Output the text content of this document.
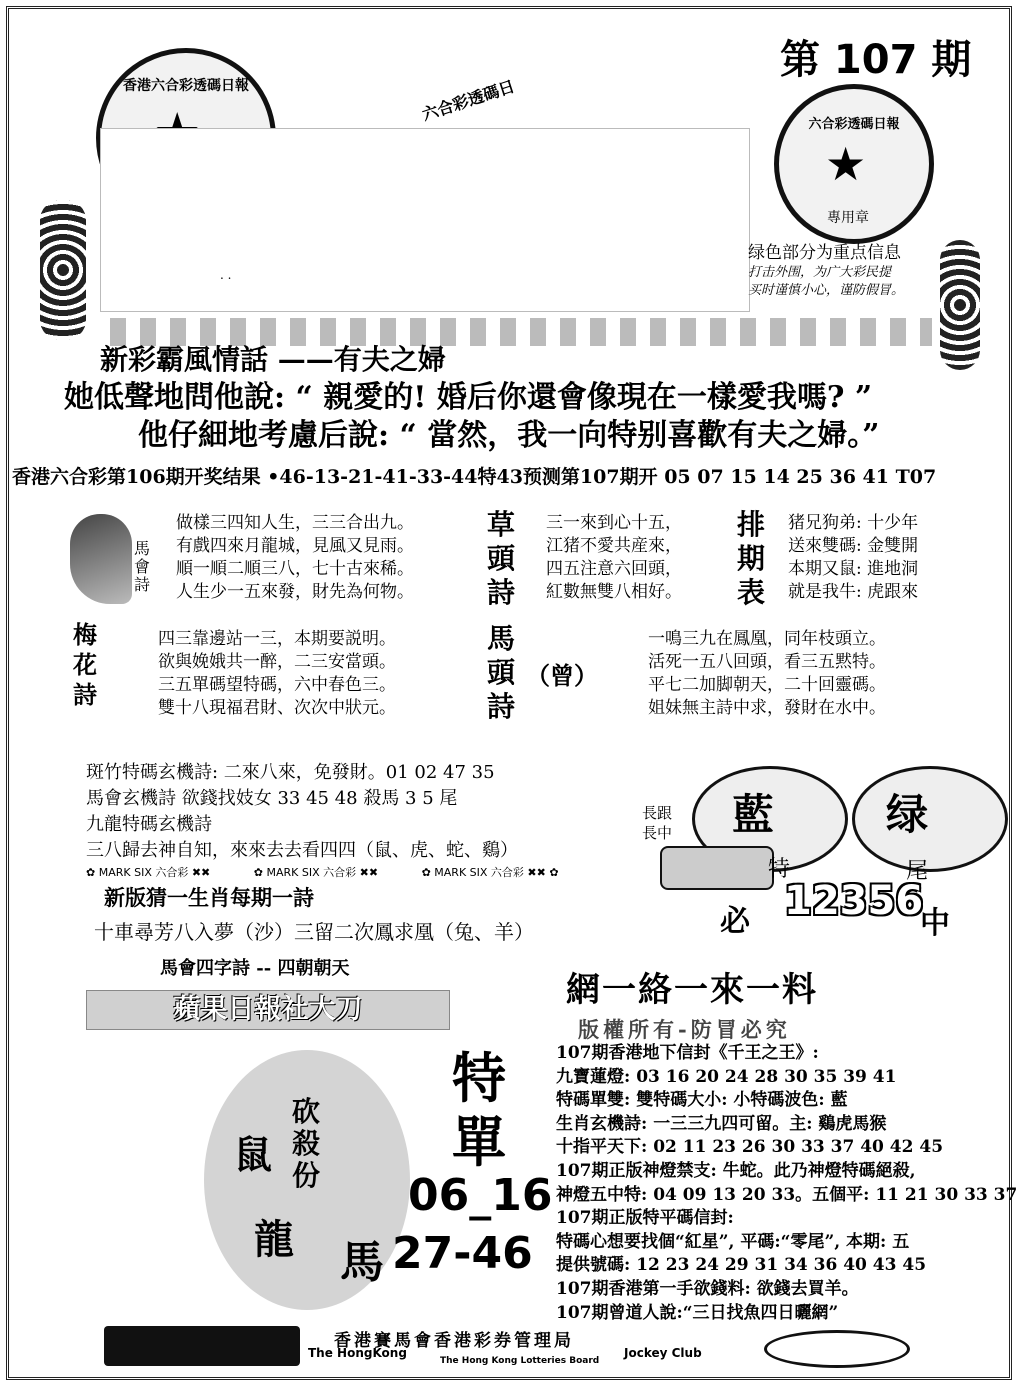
第 107 期
香港六合彩透碼日報	六合彩透碼日
六合彩透碼日報
★
專用章
. .
绿色部分为重点信息
打击外围，为广大彩民提
买时谨慎小心，谨防假冒。
新彩霸風情話 ——有夫之婦
她低聲地問他說: “ 親愛的! 婚后你還會像現在一樣愛我嗎? ”
他仔細地考慮后說: “ 當然，我一向特别喜歡有夫之婦。”
香港六合彩第106期开奖结果 •46-13-21-41-33-44特43预测第107期开 05 07 15 14 25 36 41 T07
馬會詩
做樣三四知人生，三三合出九。
有戲四來月龍城，見風又見雨。
順一順二順三八，七十古來稀。
人生少一五來發，財先為何物。
草頭詩
三一來到心十五，
江猪不愛共産來，
四五注意六回頭，
紅數無雙八相好。
排期表
猪兄狗弟: 十少年
送來雙碼: 金雙開
本期又鼠: 進地洞
就是我牛: 虎跟來
梅花詩
四三靠邊站一三，本期要説明。
欲與娩娥共一醉，二三安當頭。
三五單碼望特碼，六中春色三。
雙十八現福君財、次次中狀元。
馬頭詩
（曾）
一鳴三九在鳳凰，同年枝頭立。
活死一五八回頭，看三五黙特。
平七二加脚朝天，二十回靈碼。
姐妹無主詩中求，發財在水中。
斑竹特碼玄機詩: 二來八來，免發財。01 02 47 35
馬會玄機詩 欲錢找妓女 33 45 48 殺馬 3 5 尾
九龍特碼玄機詩
三八歸去神自知，來來去去看四四（鼠、虎、蛇、鷄）
✿ MARK SIX 六合彩 ✖✖	✿ MARK SIX 六合彩 ✖✖	✿ MARK SIX 六合彩 ✖✖ ✿
新版猜一生肖每期一詩
十車尋芳八入夢（沙）三留二次鳳求凰（兔、羊）
馬會四字詩 -- 四朝朝天
長跟
長中 藍	绿
特	尾
12356
必	中
網一絡一來一料
版權所有-防冒必究
107期香港地下信封《千王之王》:
九寶蓮燈: 03 16 20 24 28 30 35 39 41
特碼單雙: 雙特碼大小: 小特碼波色: 藍
生肖玄機詩: 一三三九四可留。主: 鷄虎馬猴
十指平天下: 02 11 23 26 30 33 37 40 42 45
107期正版神燈禁支: 牛蛇。此乃神燈特碼絕殺,
神燈五中特: 04 09 13 20 33。五個平: 11 21 30 33 37
107期正版特平碼信封:
特碼心想要找個“紅星”, 平碼:“零尾”, 本期: 五
提供號碼: 12 23 24 29 31 34 36 40 43 45
107期香港第一手欲錢料: 欲錢去買羊。
107期曾道人說:“三日找魚四日曬網”
蘋果日報社大刀
砍
殺
份
鼠
龍 馬
特
單
06_16
27-46
香港賽馬會香港彩券管理局
The HongKong	Jockey Club
The Hong Kong Lotteries Board
